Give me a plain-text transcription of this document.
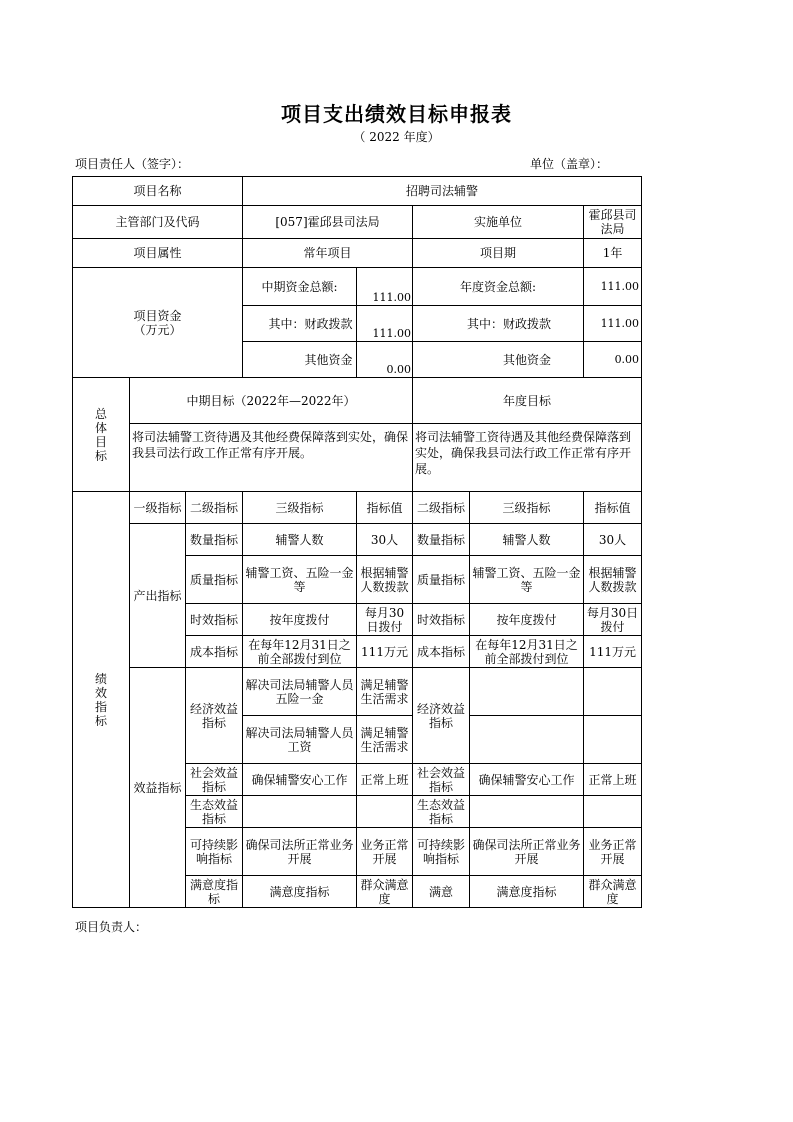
项目支出绩效目标申报表
（ 2022 年度）
项目责任人（签字）：	单位（盖章）：
项目名称			招聘司法辅警					
主管部门及代码			[057]霍邱县司法局		实施单位		霍邱县司法局	
项目属性			常年项目		项目期		1年	
项目资金
（万元）			中期资金总额:	111.00	年度资金总额:		111.00	
			其中：财政拨款	111.00	其中：财政拨款		111.00	
			其他资金	0.00	其他资金		0.00	
总体目标	中期目标（2022年—2022年）				年度目标			
	将司法辅警工资待遇及其他经费保障落到实处，确保我县司法行政工作正常有序开展。				将司法辅警工资待遇及其他经费保障落到实处，确保我县司法行政工作正常有序开展。			
绩效指标	一级指标	二级指标	三级指标	指标值	二级指标	三级指标	指标值	
	产出指标	数量指标	辅警人数	30人	数量指标	辅警人数	30人	
		质量指标	辅警工资、五险一金等	根据辅警人数拨款	质量指标	辅警工资、五险一金等	根据辅警人数拨款	
		时效指标	按年度拨付	每月30日拨付	时效指标	按年度拨付	每月30日拨付	
		成本指标	在每年12月31日之前全部拨付到位	111万元	成本指标	在每年12月31日之前全部拨付到位	111万元	
	效益指标	经济效益指标	解决司法局辅警人员五险一金	满足辅警生活需求	经济效益指标			
			解决司法局辅警人员工资	满足辅警生活需求				
		社会效益指标	确保辅警安心工作	正常上班	社会效益指标	确保辅警安心工作	正常上班	
		生态效益指标			生态效益指标			
		可持续影响指标	确保司法所正常业务开展	业务正常开展	可持续影响指标	确保司法所正常业务开展	业务正常开展	
		满意度指标	满意度指标	群众满意度	满意	满意度指标	群众满意度	
项目负责人：
